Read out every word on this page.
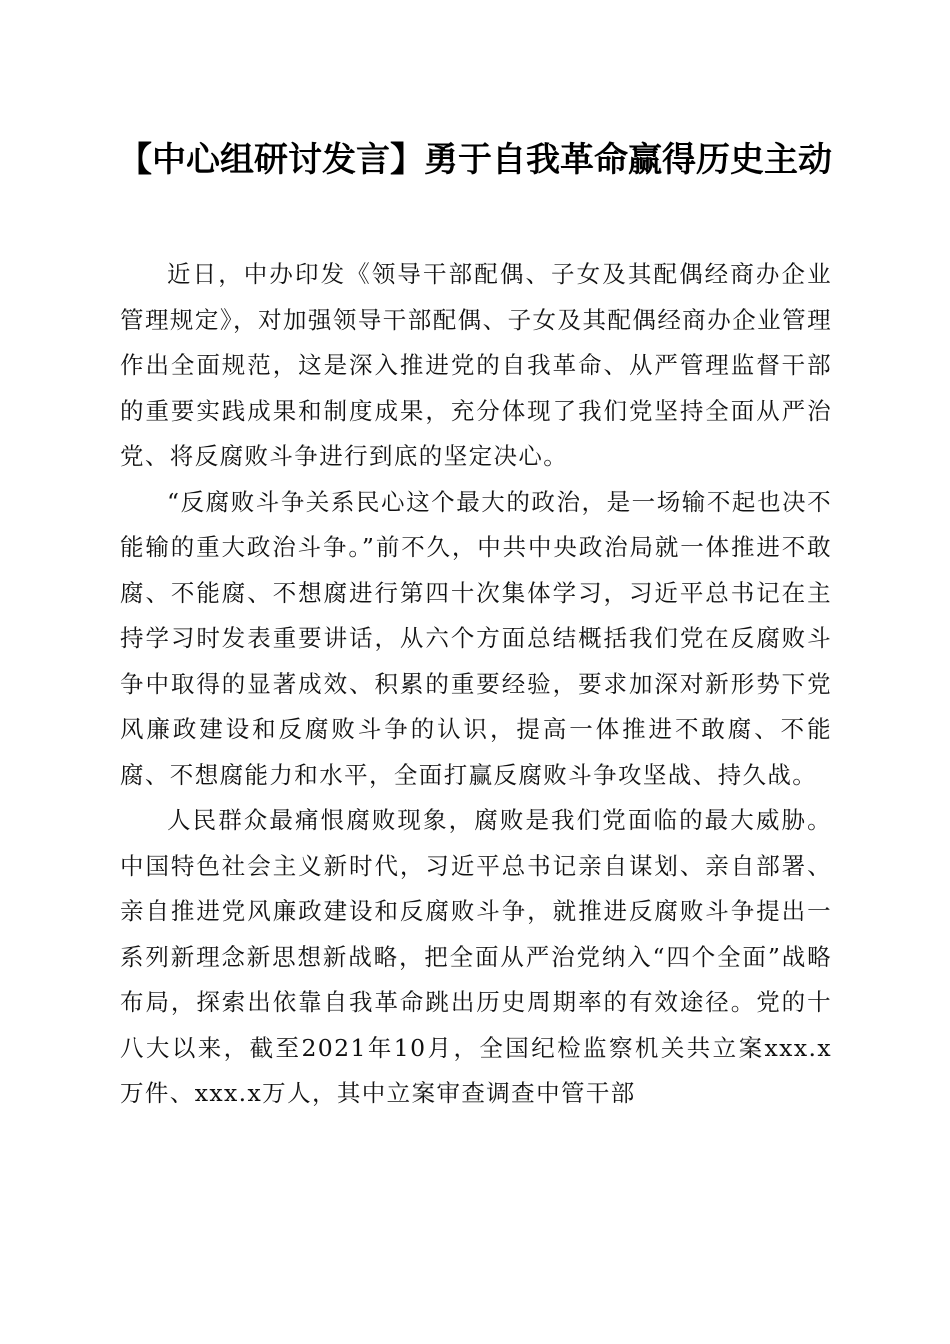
【中心组研讨发言】勇于自我革命赢得历史主动

近日，中办印发《领导干部配偶、子女及其配偶经商办企业管理规定》，对加强领导干部配偶、子女及其配偶经商办企业管理作出全面规范，这是深入推进党的自我革命、从严管理监督干部的重要实践成果和制度成果，充分体现了我们党坚持全面从严治党、将反腐败斗争进行到底的坚定决心。

“反腐败斗争关系民心这个最大的政治，是一场输不起也决不能输的重大政治斗争。”前不久，中共中央政治局就一体推进不敢腐、不能腐、不想腐进行第四十次集体学习，习近平总书记在主持学习时发表重要讲话，从六个方面总结概括我们党在反腐败斗争中取得的显著成效、积累的重要经验，要求加深对新形势下党风廉政建设和反腐败斗争的认识，提高一体推进不敢腐、不能腐、不想腐能力和水平，全面打赢反腐败斗争攻坚战、持久战。

人民群众最痛恨腐败现象，腐败是我们党面临的最大威胁。中国特色社会主义新时代，习近平总书记亲自谋划、亲自部署、亲自推进党风廉政建设和反腐败斗争，就推进反腐败斗争提出一系列新理念新思想新战略，把全面从严治党纳入“四个全面”战略布局，探索出依靠自我革命跳出历史周期率的有效途径。党的十八大以来，截至2021年10月，全国纪检监察机关共立案xxx.x万件、xxx.x万人，其中立案审查调查中管干部
